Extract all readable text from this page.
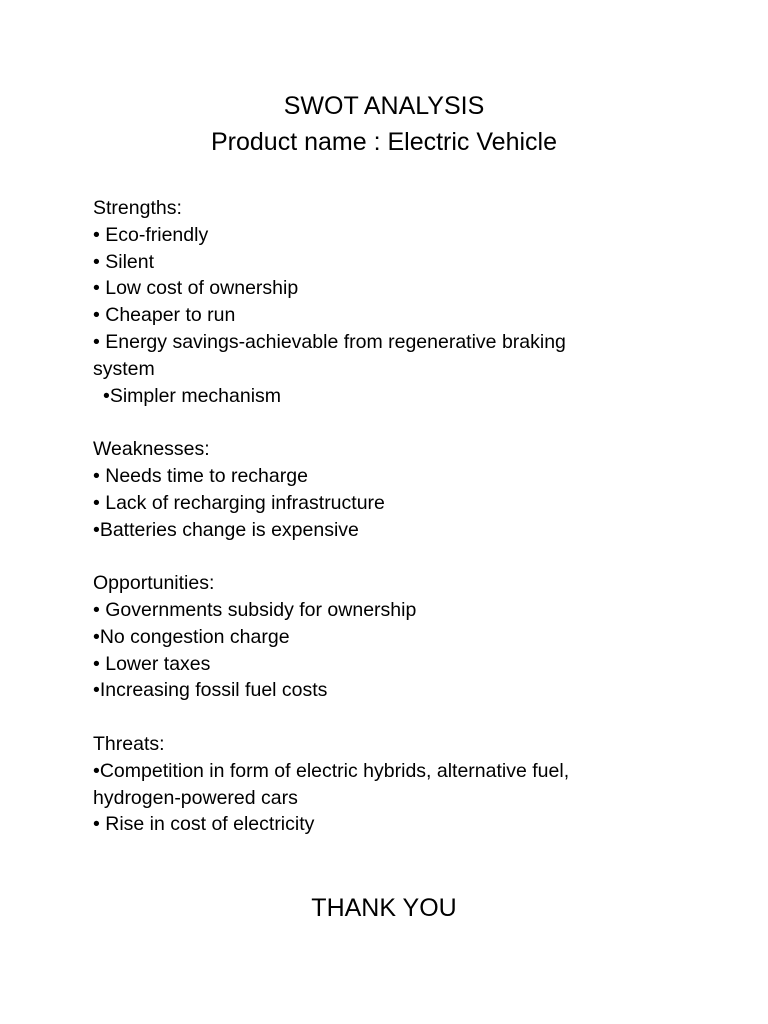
SWOT ANALYSIS
Product name : Electric Vehicle
Strengths:
• Eco-friendly
• Silent
• Low cost of ownership
• Cheaper to run
• Energy savings-achievable from regenerative braking
system
•Simpler mechanism
Weaknesses:
• Needs time to recharge
• Lack of recharging infrastructure
•Batteries change is expensive
Opportunities:
• Governments subsidy for ownership
•No congestion charge
• Lower taxes
•Increasing fossil fuel costs
Threats:
•Competition in form of electric hybrids, alternative fuel,
hydrogen-powered cars
• Rise in cost of electricity
THANK YOU
